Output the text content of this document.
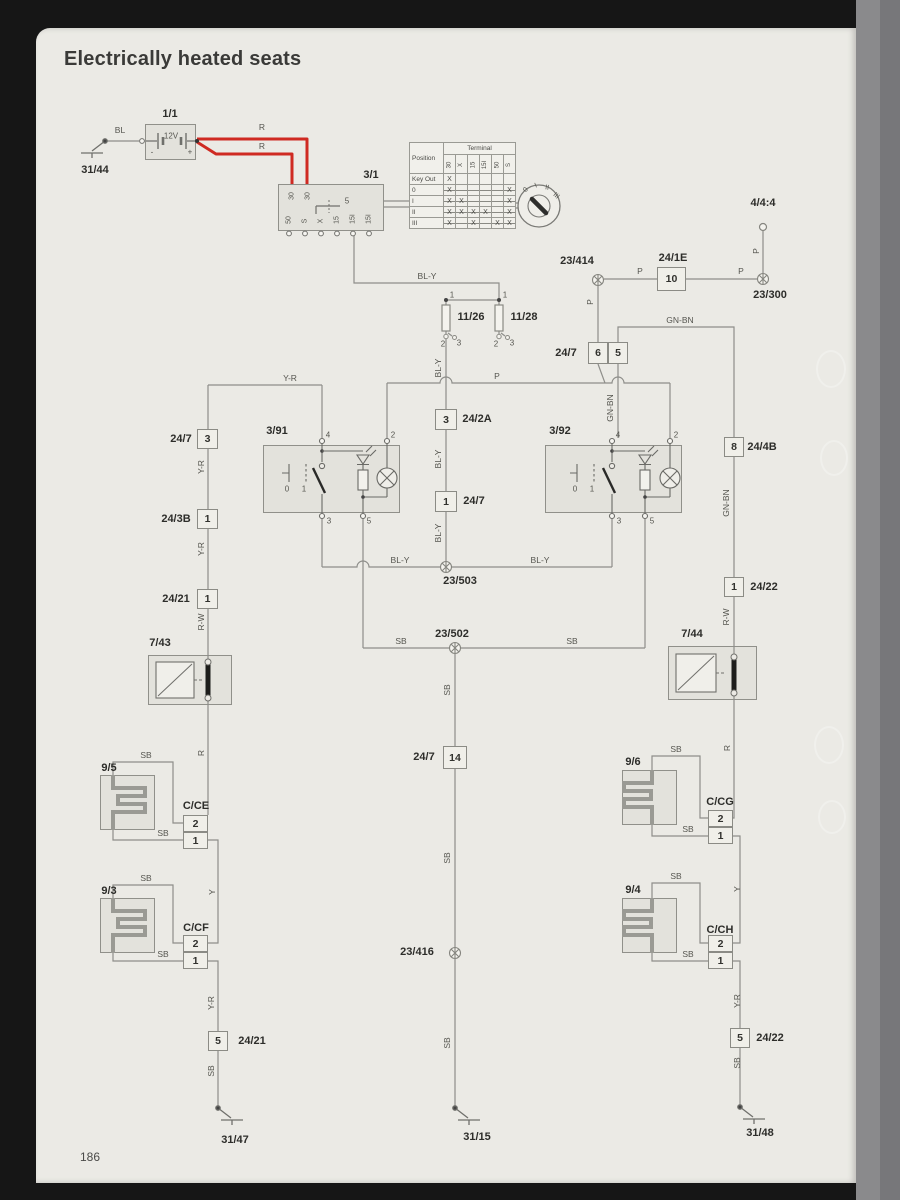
Electrically heated seats
186
6	5
10
3
1
8
1
3
1
1
14
2
1
2
1
2
1
2
1
5	5
Position	Terminal					
	30	X	15	15I	50	S
Key Out	X					
0	X					X
I	X	X				X
II	X	X	X	X		X
III	X		X		X	X
1/1
31/44	3/1
11/26 11/28
23/414	24/1E
23/300
4/4:4
24/7
24/2A
24/7
3/91	3/92
24/4B
24/7
24/3B
24/21
23/503
23/502
7/43
7/44
9/5	9/6
C/CE	C/CG
9/3	9/4
C/CF	C/CH
24/7
23/416
24/21	24/22
24/22
31/47	31/15	31/48
BL	R
R
BL-Y	P	P
P
P
GN-BN
GN-BN
GN-BN
R-W
Y-R	P
BL-Y
BL-Y
BL-Y
Y-R
Y-R
R-W
BL-Y	BL-Y
SB	SB
SB
SB
SB
R
R
SB
SB
SB
SB
SB
SB
SB
SB
Y
Y
Y-R	Y-R
SB
SB
1
2 3
1
2 3
4	2
3	5
0 1
4	2
3	5
0 1
5
30 30
50 S X 15 15I 15I
12V
-	+
0
I II
III
